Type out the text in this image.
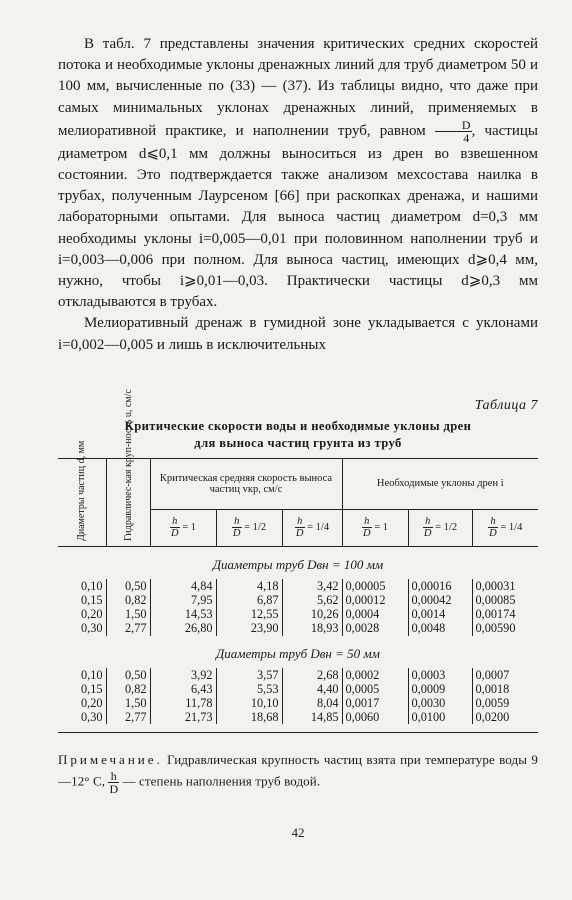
В табл. 7 представлены значения критических средних скоростей потока и необходимые уклоны дренажных линий для труб диаметром 50 и 100 мм, вычисленные по (33) — (37). Из таблицы видно, что даже при самых минимальных уклонах дренажных линий, применяемых в мелиоративной практике, и наполнении труб, равном $\frac{D}{4}$ , частицы диаметром d⩽0,1 мм должны выноситься из дрен во взвешенном состоянии. Это подтверждается также анализом мехсостава наилка в трубах, полученным Лаурсеном [66] при раскопках дренажа, и нашими лабораторными опытами. Для выноса частиц диаметром d=0,3 мм необходимы уклоны i=0,005—0,01 при половинном наполнении труб и i=0,003—0,006 при полном. Для выноса частиц, имеющих d⩾0,4 мм, нужно, чтобы i⩾0,01—0,03. Практически частицы d⩾0,3 мм откладываются в трубах.

Мелиоративный дренаж в гумидной зоне укладывается с уклонами i=0,002—0,005 и лишь в исключительных

Таблица 7
Критические скорости воды и необходимые уклоны дрен
для выноса частиц грунта из труб

Диаметры частиц d, мм	Гидравличес-кая круп-ность u, см/с	Критическая средняя скорость выноса частиц vкр, см/с			Необходимые уклоны дрен i		

		$\frac{h}{D} = 1$	$\frac{h}{D} = 1/2$	$\frac{h}{D} = 1/4$	$\frac{h}{D} = 1$	$\frac{h}{D} = 1/2$	$\frac{h}{D} = 1/4$
Диаметры труб Dвн = 100 мм							
0,10	0,50	4,84	4,18	3,42	0,00005	0,00016	0,00031
0,15	0,82	7,95	6,87	5,62	0,00012	0,00042	0,00085
0,20	1,50	14,53	12,55	10,26	0,0004	0,0014	0,00174
0,30	2,77	26,80	23,90	18,93	0,0028	0,0048	0,00590
Диаметры труб Dвн = 50 мм							
0,10	0,50	3,92	3,57	2,68	0,0002	0,0003	0,0007
0,15	0,82	6,43	5,53	4,40	0,0005	0,0009	0,0018
0,20	1,50	11,78	10,10	8,04	0,0017	0,0030	0,0059
0,30	2,77	21,73	18,68	14,85	0,0060	0,0100	0,0200

Примечание. Гидравлическая крупность частиц взята при температуре воды 9—12° С, $\frac{h}{D}$ — степень наполнения труб водой.
42
